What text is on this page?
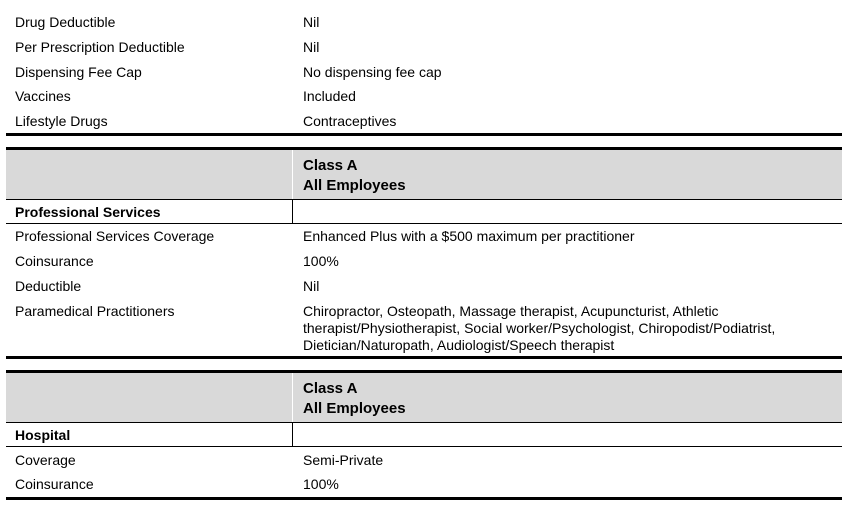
Drug Deductible	Nil
Per Prescription Deductible	Nil
Dispensing Fee Cap	No dispensing fee cap
Vaccines	Included
Lifestyle Drugs	Contraceptives
Class A
All Employees
Professional Services
Professional Services Coverage	Enhanced Plus with a $500 maximum per practitioner
Coinsurance	100%
Deductible	Nil
Paramedical Practitioners	Chiropractor, Osteopath, Massage therapist, Acupuncturist, Athletic therapist/Physiotherapist, Social worker/Psychologist, Chiropodist/Podiatrist, Dietician/Naturopath, Audiologist/Speech therapist
Class A
All Employees
Hospital
Coverage	Semi-Private
Coinsurance	100%
